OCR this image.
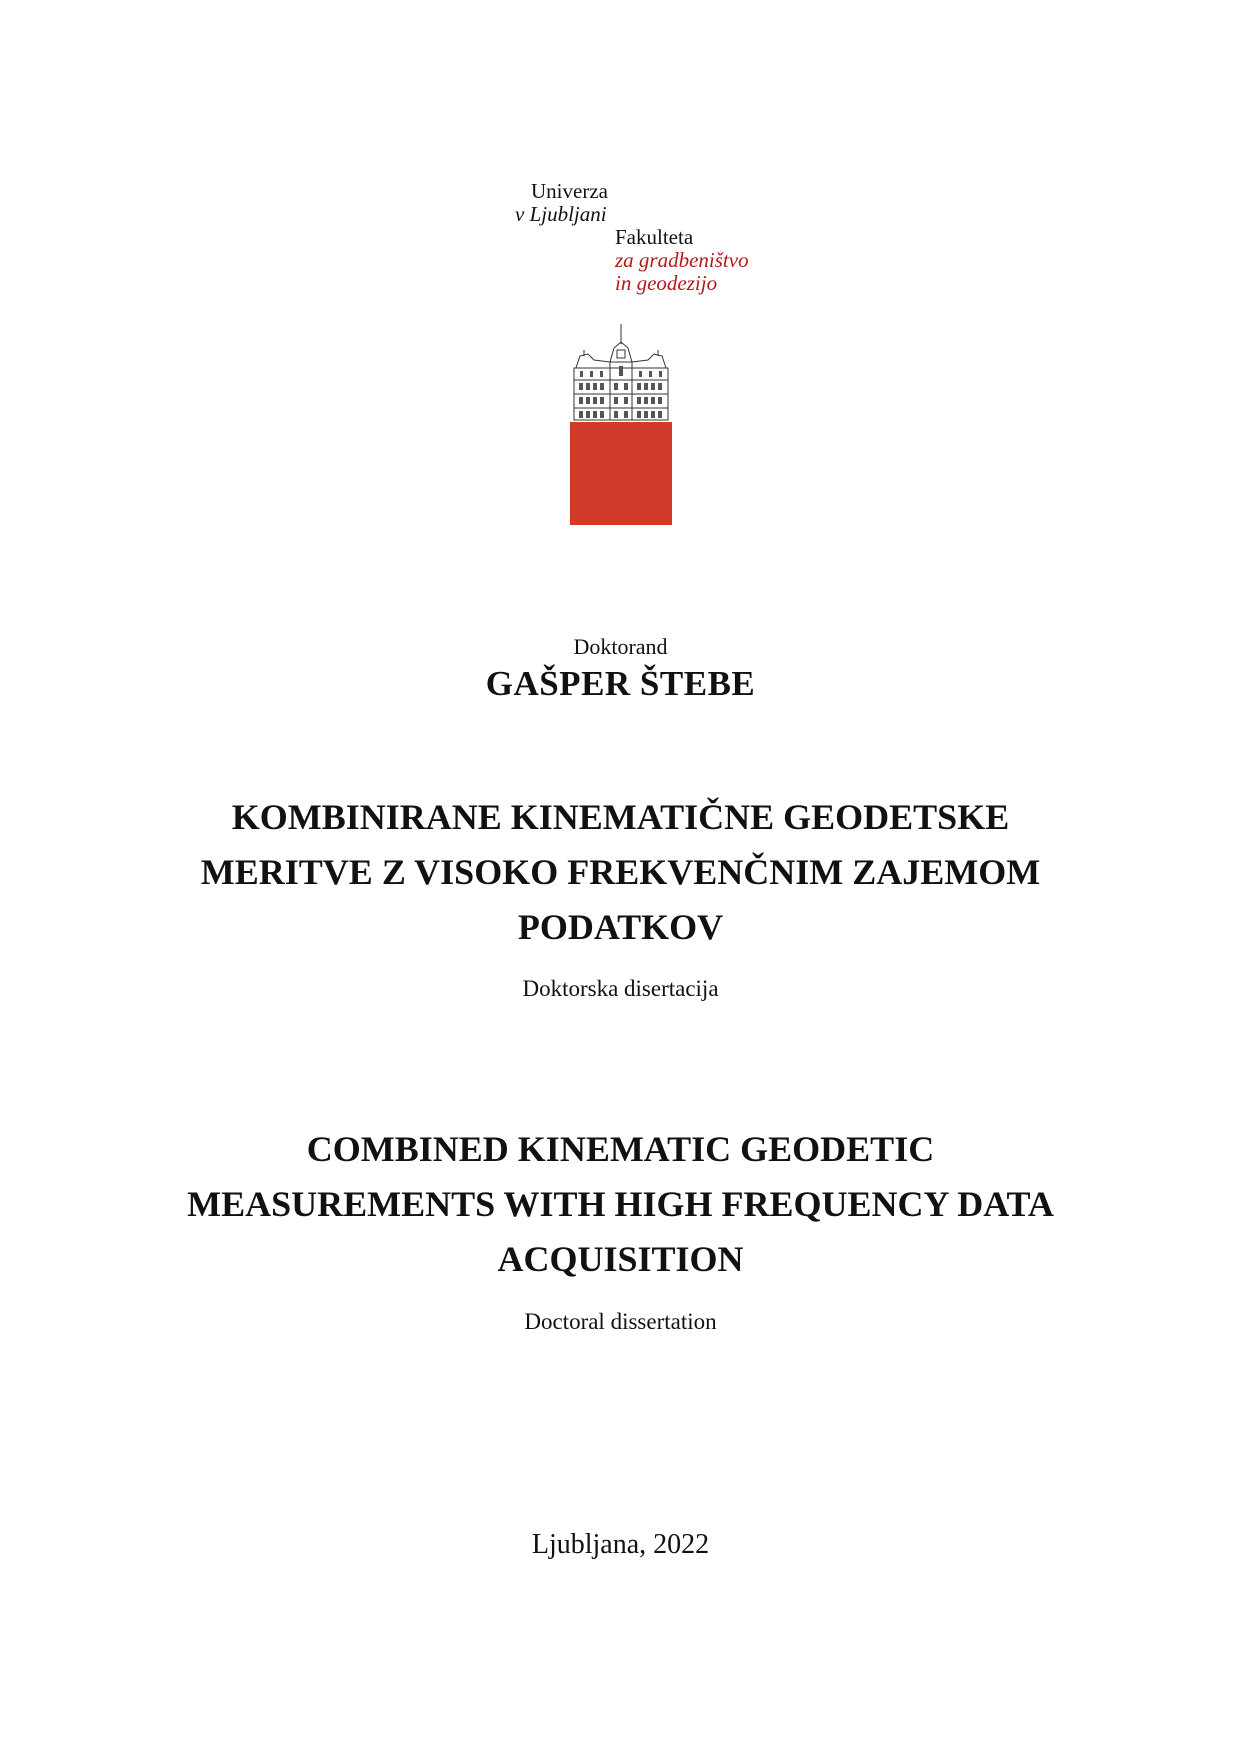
Univerza
v Ljubljani
Fakulteta
za gradbeništvo
in geodezijo
Doktorand
GAŠPER ŠTEBE
KOMBINIRANE KINEMATIČNE GEODETSKE
MERITVE Z VISOKO FREKVENČNIM ZAJEMOM
PODATKOV
Doktorska disertacija
COMBINED KINEMATIC GEODETIC
MEASUREMENTS WITH HIGH FREQUENCY DATA
ACQUISITION
Doctoral dissertation
Ljubljana, 2022
